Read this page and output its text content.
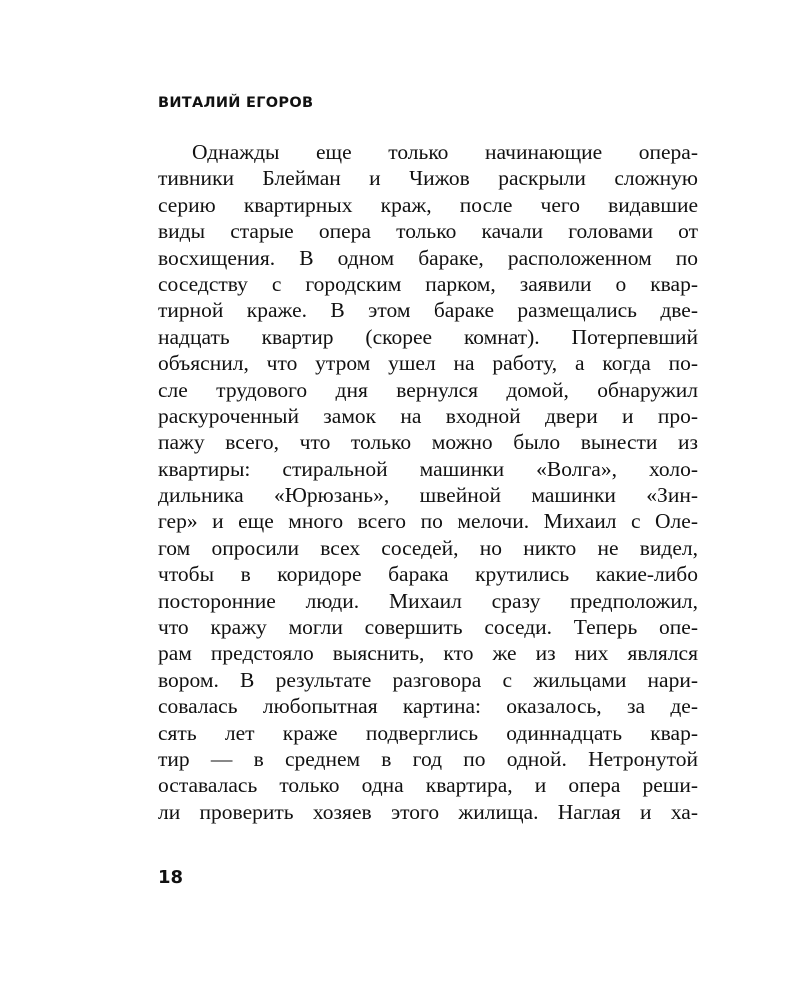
ВИТАЛИЙ ЕГОРОВ
Однажды еще только начинающие опера-
тивники Блейман и Чижов раскрыли сложную
серию квартирных краж, после чего видавшие
виды старые опера только качали головами от
восхищения. В одном бараке, расположенном по
соседству с городским парком, заявили о квар-
тирной краже. В этом бараке размещались две-
надцать квартир (скорее комнат). Потерпевший
объяснил, что утром ушел на работу, а когда по-
сле трудового дня вернулся домой, обнаружил
раскуроченный замок на входной двери и про-
пажу всего, что только можно было вынести из
квартиры: стиральной машинки «Волга», холо-
дильника «Юрюзань», швейной машинки «Зин-
гер» и еще много всего по мелочи. Михаил с Оле-
гом опросили всех соседей, но никто не видел,
чтобы в коридоре барака крутились какие-либо
посторонние люди. Михаил сразу предположил,
что кражу могли совершить соседи. Теперь опе-
рам предстояло выяснить, кто же из них являлся
вором. В результате разговора с жильцами нари-
совалась любопытная картина: оказалось, за де-
сять лет краже подверглись одиннадцать квар-
тир — в среднем в год по одной. Нетронутой
оставалась только одна квартира, и опера реши-
ли проверить хозяев этого жилища. Наглая и ха-
18
